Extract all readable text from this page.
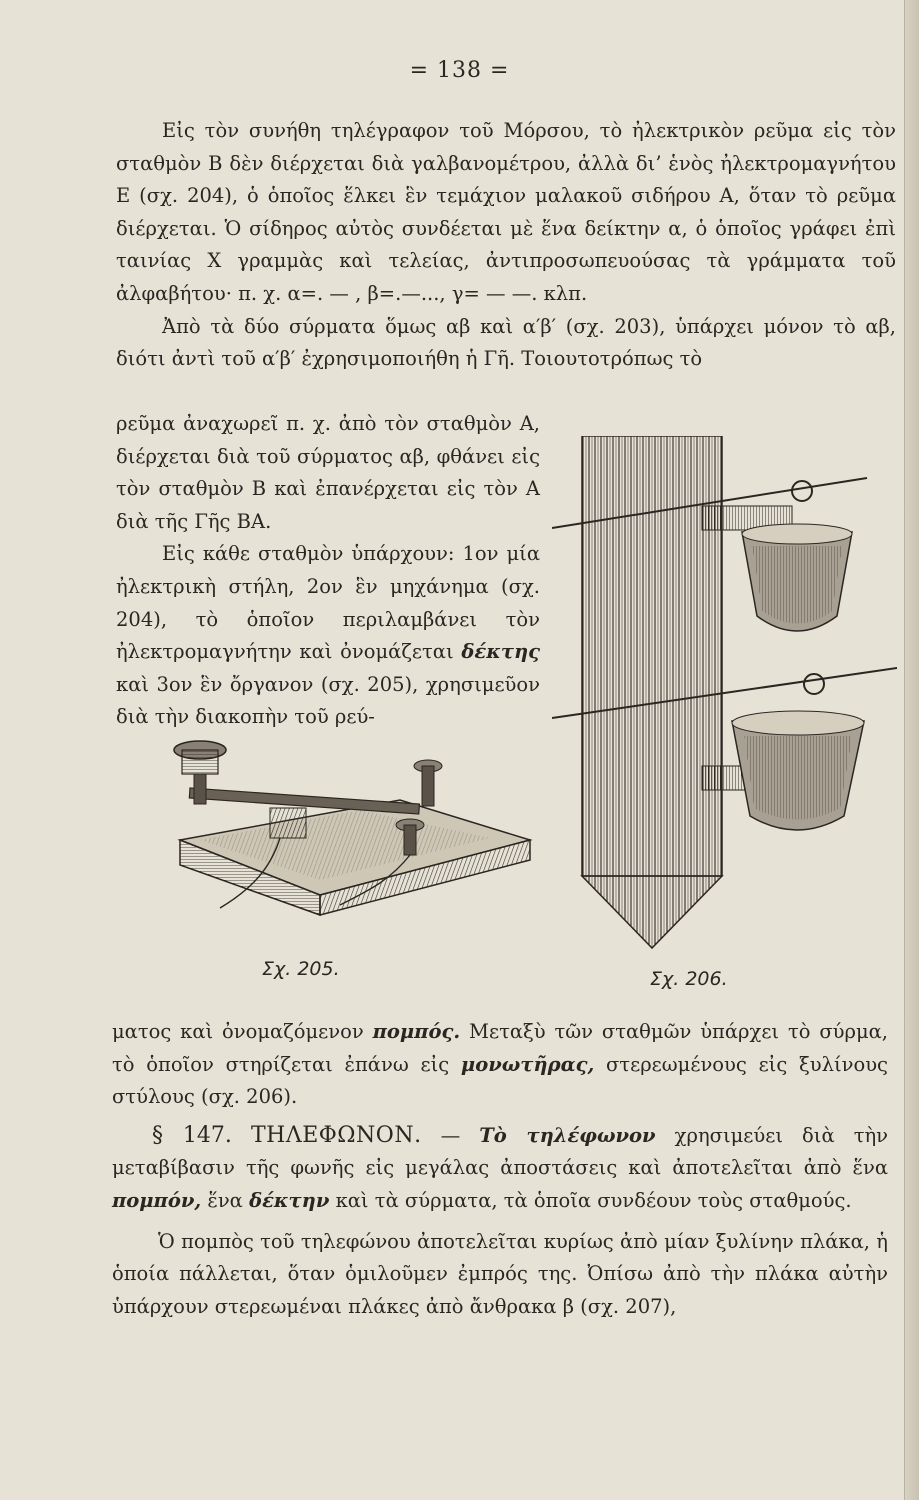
= 138 =

Εἰς τὸν συνήθη τηλέγραφον τοῦ Μόρσου, τὸ ἠλεκτρικὸν ρεῦμα εἰς τὸν σταθμὸν Β δὲν διέρχεται διὰ γαλβανομέτρου, ἀλλὰ δι’ ἑνὸς ἠλεκτρομαγνήτου Ε (σχ. 204), ὁ ὁποῖος ἕλκει ἓν τεμάχιον μαλακοῦ σιδήρου Α, ὅταν τὸ ρεῦμα διέρχεται. Ὁ σίδηρος αὐτὸς συνδέεται μὲ ἕνα δείκτην α, ὁ ὁποῖος γράφει ἐπὶ ταινίας Χ γραμμὰς καὶ τελείας, ἀντιπροσωπευούσας τὰ γράμματα τοῦ ἀλφαβήτου· π. χ. α=. — , β=.—..., γ= — —. κλπ.

Ἀπὸ τὰ δύο σύρματα ὅμως αβ καὶ α′β′ (σχ. 203), ὑπάρχει μόνον τὸ αβ, διότι ἀντὶ τοῦ α′β′ ἐχρησιμοποιήθη ἡ Γῆ. Τοιουτοτρόπως τὸ

ρεῦμα ἀναχωρεῖ π. χ. ἀπὸ τὸν σταθμὸν Α, διέρχεται διὰ τοῦ σύρματος αβ, φθάνει εἰς τὸν σταθμὸν Β καὶ ἐπανέρχεται εἰς τὸν Α διὰ τῆς Γῆς ΒΑ.

Εἰς κάθε σταθμὸν ὑπάρχουν: 1ον μία ἠλεκτρικὴ στήλη, 2ον ἓν μηχάνημα (σχ. 204), τὸ ὁποῖον περιλαμβάνει τὸν ἠλεκτρομαγνήτην καὶ ὀνομάζεται δέκτης καὶ 3ον ἓν ὄργανον (σχ. 205), χρησιμεῦον διὰ τὴν διακοπὴν τοῦ ρεύ-

Σχ. 205.	Σχ. 206.

ματος καὶ ὀνομαζόμενον πομπός. Μεταξὺ τῶν σταθμῶν ὑπάρχει τὸ σύρμα, τὸ ὁποῖον στηρίζεται ἐπάνω εἰς μονωτῆρας, στερεωμένους εἰς ξυλίνους στύλους (σχ. 206).

§ 147. ΤΗΛΕΦΩΝΟΝ. — Τὸ τηλέφωνον χρησιμεύει διὰ τὴν μεταβίβασιν τῆς φωνῆς εἰς μεγάλας ἀποστάσεις καὶ ἀποτελεῖται ἀπὸ ἕνα πομπόν, ἕνα δέκτην καὶ τὰ σύρματα, τὰ ὁποῖα συνδέουν τοὺς σταθμούς.

Ὁ πομπὸς τοῦ τηλεφώνου ἀποτελεῖται κυρίως ἀπὸ μίαν ξυλίνην πλάκα, ἡ ὁποία πάλλεται, ὅταν ὁμιλοῦμεν ἐμπρός της. Ὀπίσω ἀπὸ τὴν πλάκα αὐτὴν ὑπάρχουν στερεωμέναι πλάκες ἀπὸ ἄνθρακα β (σχ. 207),
